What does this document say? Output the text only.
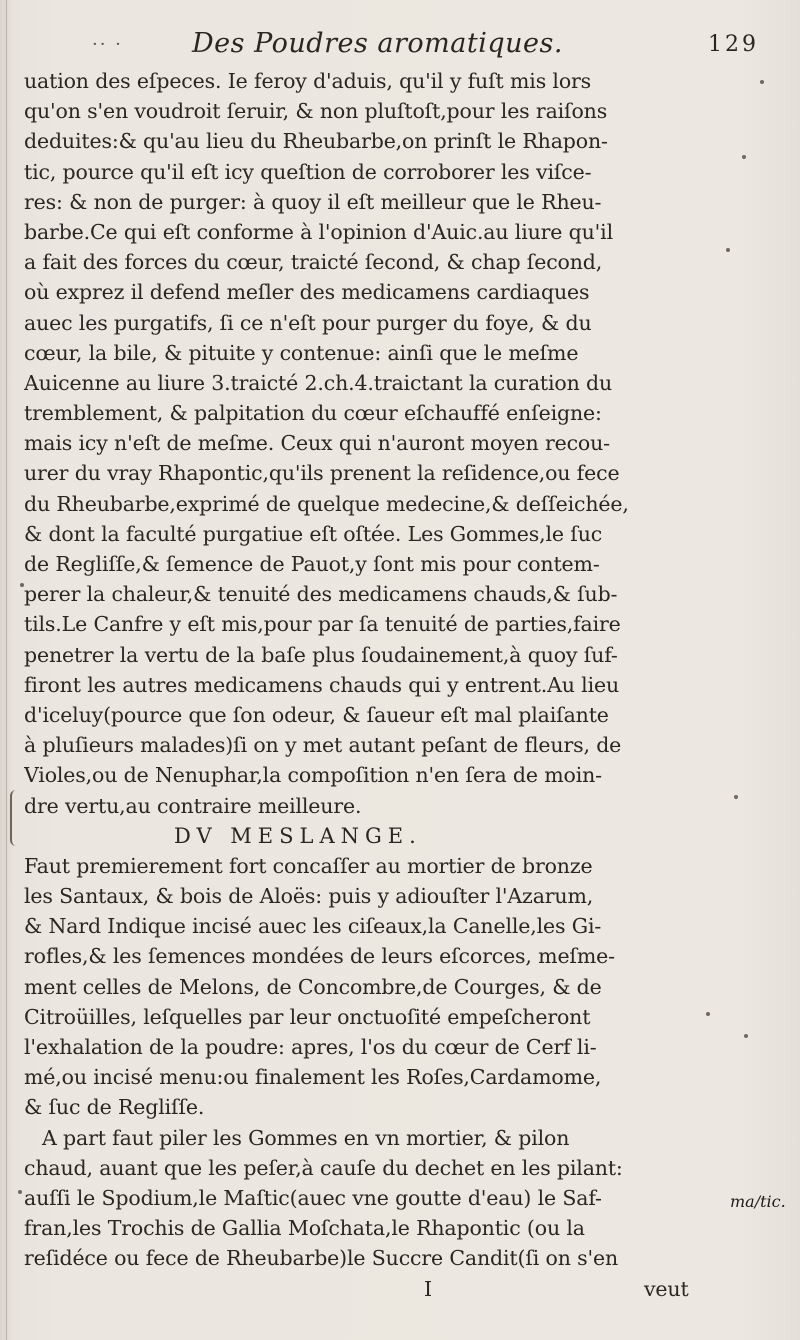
·· ·	Des Poudres aromatiques.	129
uation des eſpeces. Ie feroy d'aduis, qu'il y fuſt mis lors
qu'on s'en voudroit ſeruir, & non pluſtoſt,pour les raiſons
deduites:& qu'au lieu du Rheubarbe,on prinſt le Rhapon-
tic, pource qu'il eſt icy queſtion de corroborer les viſce-
res: & non de purger: à quoy il eſt meilleur que le Rheu-
barbe.Ce qui eſt conforme à l'opinion d'Auic.au liure qu'il
a fait des forces du cœur, traicté ſecond, & chap ſecond,
où exprez il defend meſler des medicamens cardiaques
auec les purgatifs, ſi ce n'eſt pour purger du foye, & du
cœur, la bile, & pituite y contenue: ainſi que le meſme
Auicenne au liure 3.traicté 2.ch.4.traictant la curation du
tremblement, & palpitation du cœur eſchauffé enſeigne:
mais icy n'eſt de meſme. Ceux qui n'auront moyen recou-
urer du vray Rhapontic,qu'ils prenent la reſidence,ou fece
du Rheubarbe,exprimé de quelque medecine,& deſſeichée,
& dont la faculté purgatiue eſt oſtée. Les Gommes,le ſuc
de Regliſſe,& ſemence de Pauot,y ſont mis pour contem-
perer la chaleur,& tenuité des medicamens chauds,& ſub-
tils.Le Canfre y eſt mis,pour par ſa tenuité de parties,faire
penetrer la vertu de la baſe plus ſoudainement,à quoy ſuf-
firont les autres medicamens chauds qui y entrent.Au lieu
d'iceluy(pource que ſon odeur, & ſaueur eſt mal plaiſante
à pluſieurs malades)ſi on y met autant peſant de fleurs, de
Violes,ou de Nenuphar,la compoſition n'en ſera de moin-
dre vertu,au contraire meilleure.
DV MESLANGE.
Faut premierement fort concaſſer au mortier de bronze
les Santaux, & bois de Aloës: puis y adiouſter l'Azarum,
& Nard Indique incisé auec les ciſeaux,la Canelle,les Gi-
rofles,& les ſemences mondées de leurs eſcorces, meſme-
ment celles de Melons, de Concombre,de Courges, & de
Citroüilles, leſquelles par leur onctuoſité empeſcheront
l'exhalation de la poudre: apres, l'os du cœur de Cerf li-
mé,ou incisé menu:ou finalement les Roſes,Cardamome,
& ſuc de Regliſſe.
A part faut piler les Gommes en vn mortier, & pilon
chaud, auant que les peſer,à cauſe du dechet en les pilant:
auſſi le Spodium,le Maſtic(auec vne goutte d'eau) le Saf-
fran,les Trochis de Gallia Moſchata,le Rhapontic (ou la
reſidéce ou fece de Rheubarbe)le Succre Candit(ſi on s'en
I	veut
ma/tic.
